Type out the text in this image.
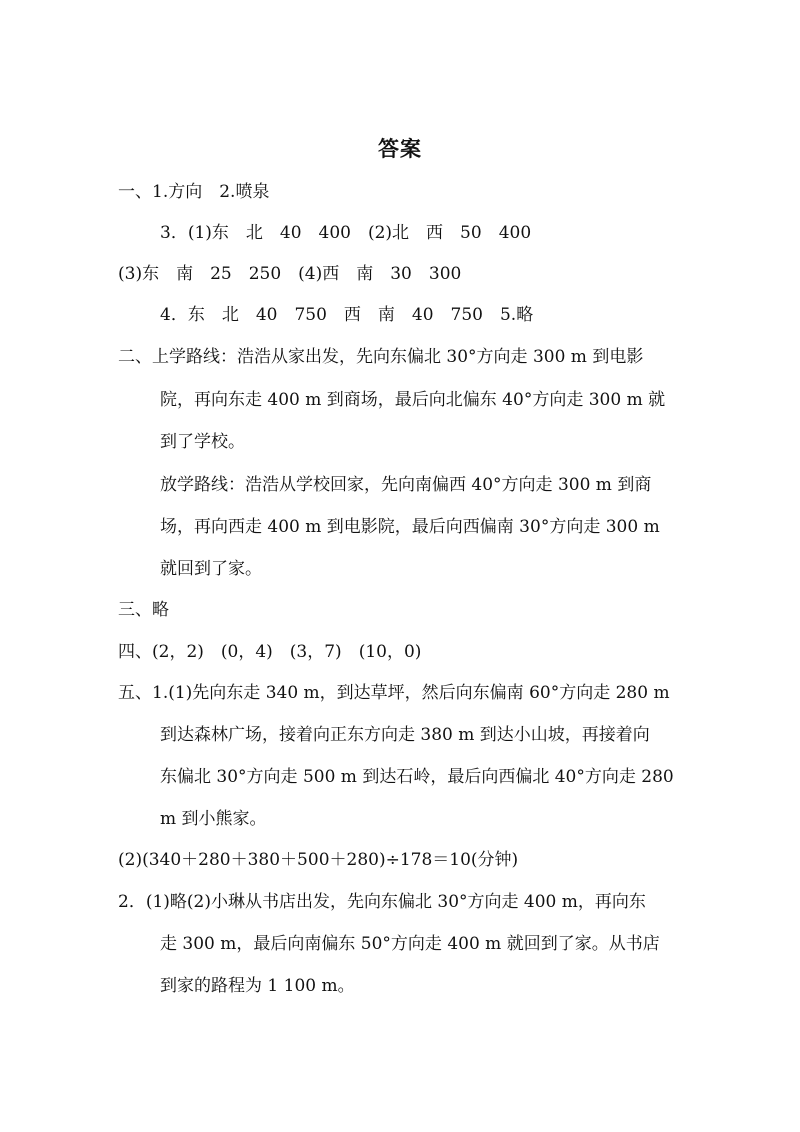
答案
一、1.方向　2.喷泉
3．(1)东　北　40　400　(2)北　西　50　400
(3)东　南　25　250　(4)西　南　30　300
4．东　北　40　750　西　南　40　750　5.略
二、上学路线：浩浩从家出发，先向东偏北 30°方向走 300 m 到电影
院，再向东走 400 m 到商场，最后向北偏东 40°方向走 300 m 就
到了学校。
放学路线：浩浩从学校回家，先向南偏西 40°方向走 300 m 到商
场，再向西走 400 m 到电影院，最后向西偏南 30°方向走 300 m
就回到了家。
三、略
四、(2，2)　(0，4)　(3，7)　(10，0)
五、1.(1)先向东走 340 m，到达草坪，然后向东偏南 60°方向走 280 m
到达森林广场，接着向正东方向走 380 m 到达小山坡，再接着向
东偏北 30°方向走 500 m 到达石岭，最后向西偏北 40°方向走 280
m 到小熊家。
(2)(340＋280＋380＋500＋280)÷178＝10(分钟)
2．(1)略(2)小琳从书店出发，先向东偏北 30°方向走 400 m，再向东
走 300 m，最后向南偏东 50°方向走 400 m 就回到了家。从书店
到家的路程为 1 100 m。
